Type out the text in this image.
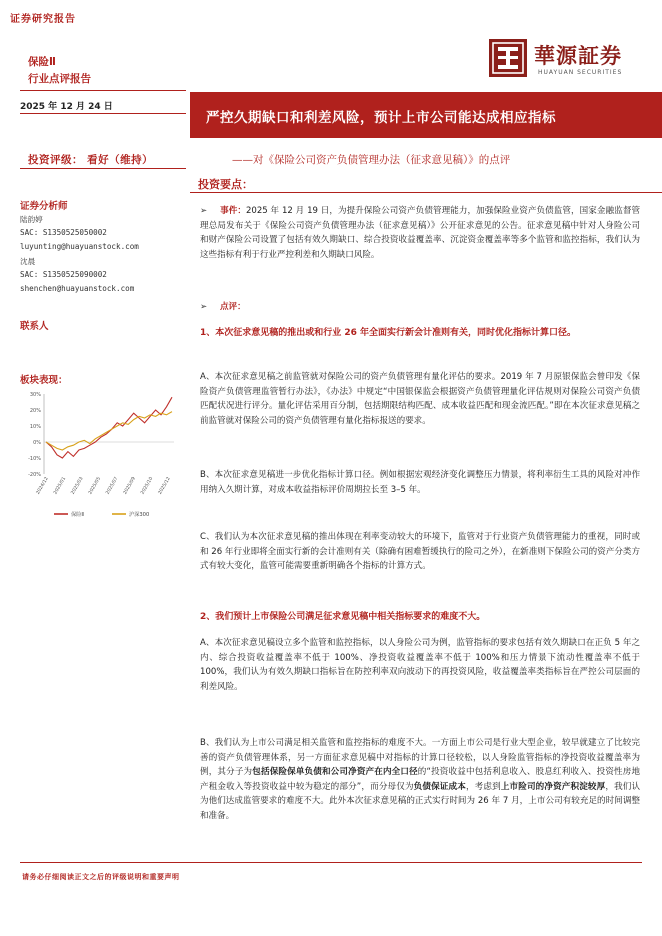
证券研究报告
華源証券
HUAYUAN SECURITIES
保险Ⅱ
行业点评报告
2025 年 12 月 24 日
严控久期缺口和利差风险，预计上市公司能达成相应指标
投资评级： 看好（维持）	——对《保险公司资产负债管理办法（征求意见稿）》的点评
投资要点：
证券分析师
陆韵婷
SAC: S1350525050002
luyunting@huayuanstock.com
沈晨
SAC: S1350525090002
shenchen@huayuanstock.com
联系人
板块表现：
30%
20%
10%
0%
-10%
-20%
2024/12 2025/01 2025/03 2025/05 2025/07 2025/09 2025/10 2025/12
保险Ⅱ	沪深300
➢ 事件：2025 年 12 月 19 日，为提升保险公司资产负债管理能力，加强保险业资产负债监管，国家金融监督管理总局发布关于《保险公司资产负债管理办法（征求意见稿）》公开征求意见的公告。征求意见稿中针对人身险公司和财产保险公司设置了包括有效久期缺口、综合投资收益覆盖率、沉淀资金覆盖率等多个监管和监控指标，我们认为这些指标有利于行业严控利差和久期缺口风险。
➢ 点评：
1、本次征求意见稿的推出或和行业 26 年全面实行新会计准则有关，同时优化指标计算口径。
A、本次征求意见稿之前监管就对保险公司的资产负债管理有量化评估的要求。2019 年 7 月原银保监会曾印发《保险资产负债管理监管暂行办法》，《办法》中规定“中国银保监会根据资产负债管理量化评估规则对保险公司资产负债匹配状况进行评分。量化评估采用百分制，包括期限结构匹配、成本收益匹配和现金流匹配。”即在本次征求意见稿之前监管就对保险公司的资产负债管理有量化指标报送的要求。
B、本次征求意见稿进一步优化指标计算口径。例如根据宏观经济变化调整压力情景，将利率衍生工具的风险对冲作用纳入久期计算，对成本收益指标评价周期拉长至 3–5 年。
C、我们认为本次征求意见稿的推出体现在利率变动较大的环境下，监管对于行业资产负债管理能力的重视，同时或和 26 年行业即将全面实行新的会计准则有关（除确有困难暂缓执行的险司之外），在新准则下保险公司的资产分类方式有较大变化，监管可能需要重新明确各个指标的计算方式。
2、我们预计上市保险公司满足征求意见稿中相关指标要求的难度不大。
A、本次征求意见稿设立多个监管和监控指标，以人身险公司为例，监管指标的要求包括有效久期缺口在正负 5 年之内、综合投资收益覆盖率不低于 100%、净投资收益覆盖率不低于 100%和压力情景下流动性覆盖率不低于 100%，我们认为有效久期缺口指标旨在防控利率双向波动下的再投资风险，收益覆盖率类指标旨在严控公司层面的利差风险。
B、我们认为上市公司满足相关监管和监控指标的难度不大。一方面上市公司是行业大型企业，较早就建立了比较完善的资产负债管理体系，另一方面征求意见稿中对指标的计算口径较松，以人身险监管指标的净投资收益覆盖率为例，其分子为包括保险保单负债和公司净资产在内全口径的“投资收益中包括利息收入、股息红利收入、投资性房地产租金收入等投资收益中较为稳定的部分”，而分母仅为负债保证成本，考虑到上市险司的净资产积淀较厚，我们认为他们达成监管要求的难度不大。此外本次征求意见稿的正式实行时间为 26 年 7 月，上市公司有较充足的时间调整和准备。
请务必仔细阅读正文之后的评级说明和重要声明
